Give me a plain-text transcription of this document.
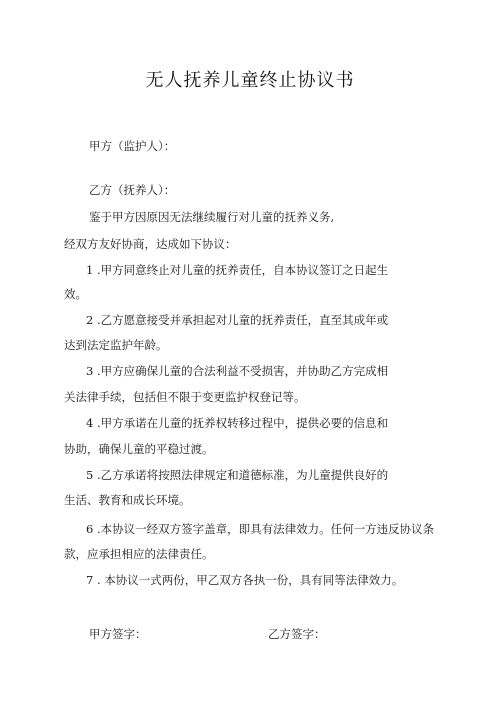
无人抚养儿童终止协议书
甲方（监护人）：
乙方（抚养人）：
鉴于甲方因原因无法继续履行对儿童的抚养义务,
经双方友好协商，达成如下协议：
1 .甲方同意终止对儿童的抚养责任，自本协议签订之日起生
效。
2 .乙方愿意接受并承担起对儿童的抚养责任，直至其成年或
达到法定监护年龄。
3 .甲方应确保儿童的合法利益不受损害，并协助乙方完成相
关法律手续，包括但不限于变更监护权登记等。
4 .甲方承诺在儿童的抚养权转移过程中，提供必要的信息和
协助，确保儿童的平稳过渡。
5 .乙方承诺将按照法律规定和道德标准，为儿童提供良好的
生活、教育和成长环境。
6 .本协议一经双方签字盖章，即具有法律效力。任何一方违反协议条
款，应承担相应的法律责任。
7 . 本协议一式两份，甲乙双方各执一份，具有同等法律效力。
甲方签字：	乙方签字：
